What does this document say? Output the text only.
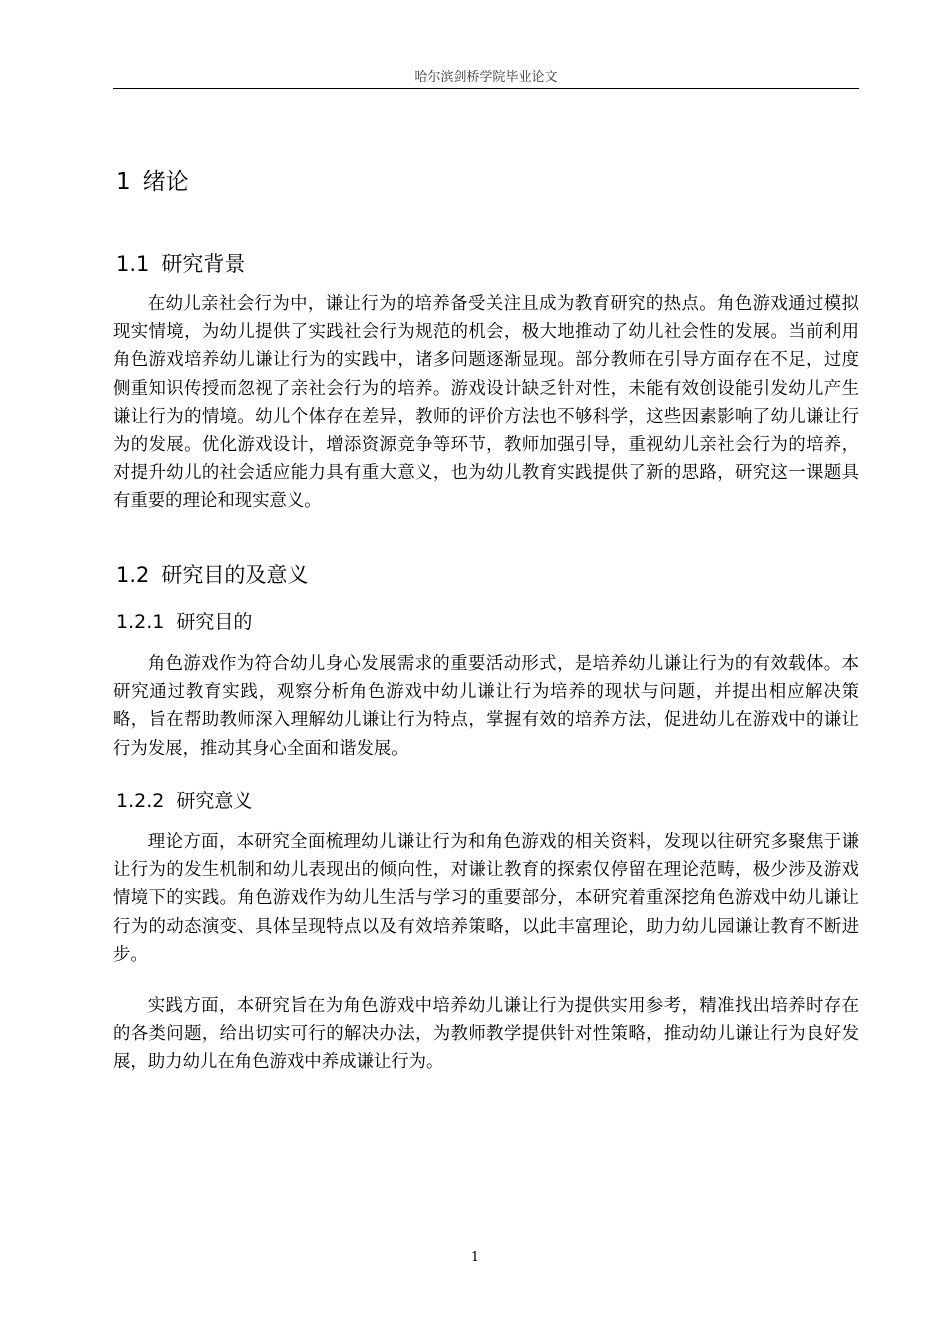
哈尔滨剑桥学院毕业论文
1 绪论
1.1 研究背景

在幼儿亲社会行为中，谦让行为的培养备受关注且成为教育研究的热点。角色游戏通过模拟现实情境，为幼儿提供了实践社会行为规范的机会，极大地推动了幼儿社会性的发展。当前利用角色游戏培养幼儿谦让行为的实践中，诸多问题逐渐显现。部分教师在引导方面存在不足，过度侧重知识传授而忽视了亲社会行为的培养。游戏设计缺乏针对性，未能有效创设能引发幼儿产生谦让行为的情境。幼儿个体存在差异，教师的评价方法也不够科学，这些因素影响了幼儿谦让行为的发展。优化游戏设计，增添资源竞争等环节，教师加强引导，重视幼儿亲社会行为的培养，对提升幼儿的社会适应能力具有重大意义，也为幼儿教育实践提供了新的思路，研究这一课题具有重要的理论和现实意义。

1.2 研究目的及意义
1.2.1 研究目的

角色游戏作为符合幼儿身心发展需求的重要活动形式，是培养幼儿谦让行为的有效载体。本研究通过教育实践，观察分析角色游戏中幼儿谦让行为培养的现状与问题，并提出相应解决策略，旨在帮助教师深入理解幼儿谦让行为特点，掌握有效的培养方法，促进幼儿在游戏中的谦让行为发展，推动其身心全面和谐发展。

1.2.2 研究意义

理论方面，本研究全面梳理幼儿谦让行为和角色游戏的相关资料，发现以往研究多聚焦于谦让行为的发生机制和幼儿表现出的倾向性，对谦让教育的探索仅停留在理论范畴，极少涉及游戏情境下的实践。角色游戏作为幼儿生活与学习的重要部分，本研究着重深挖角色游戏中幼儿谦让行为的动态演变、具体呈现特点以及有效培养策略，以此丰富理论，助力幼儿园谦让教育不断进步。

实践方面，本研究旨在为角色游戏中培养幼儿谦让行为提供实用参考，精准找出培养时存在的各类问题，给出切实可行的解决办法，为教师教学提供针对性策略，推动幼儿谦让行为良好发展，助力幼儿在角色游戏中养成谦让行为。

1
